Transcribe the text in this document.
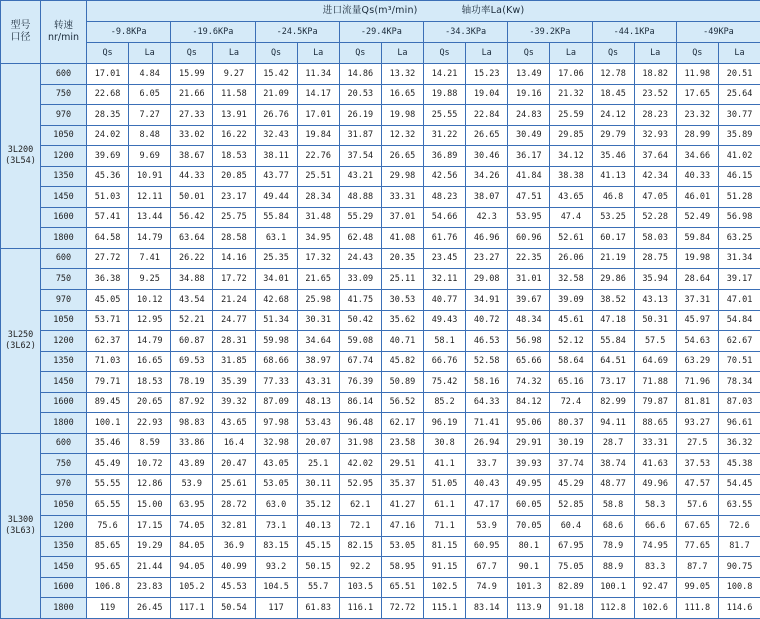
型号
口径	转速
nr/min	进口流量Qs(m³/min) 轴功率La(Kw)															
		-9.8KPa		-19.6KPa		-24.5KPa		-29.4KPa		-34.3KPa		-39.2KPa		-44.1KPa		-49KPa	
		Qs	La	Qs	La	Qs	La	Qs	La	Qs	La	Qs	La	Qs	La	Qs	La
3L200
(3L54)	600	17.01	4.84	15.99	9.27	15.42	11.34	14.86	13.32	14.21	15.23	13.49	17.06	12.78	18.82	11.98	20.51
	750	22.68	6.05	21.66	11.58	21.09	14.17	20.53	16.65	19.88	19.04	19.16	21.32	18.45	23.52	17.65	25.64
	970	28.35	7.27	27.33	13.91	26.76	17.01	26.19	19.98	25.55	22.84	24.83	25.59	24.12	28.23	23.32	30.77
	1050	24.02	8.48	33.02	16.22	32.43	19.84	31.87	12.32	31.22	26.65	30.49	29.85	29.79	32.93	28.99	35.89
	1200	39.69	9.69	38.67	18.53	38.11	22.76	37.54	26.65	36.89	30.46	36.17	34.12	35.46	37.64	34.66	41.02
	1350	45.36	10.91	44.33	20.85	43.77	25.51	43.21	29.98	42.56	34.26	41.84	38.38	41.13	42.34	40.33	46.15
	1450	51.03	12.11	50.01	23.17	49.44	28.34	48.88	33.31	48.23	38.07	47.51	43.65	46.8	47.05	46.01	51.28
	1600	57.41	13.44	56.42	25.75	55.84	31.48	55.29	37.01	54.66	42.3	53.95	47.4	53.25	52.28	52.49	56.98
	1800	64.58	14.79	63.64	28.58	63.1	34.95	62.48	41.08	61.76	46.96	60.96	52.61	60.17	58.03	59.84	63.25
3L250
(3L62)	600	27.72	7.41	26.22	14.16	25.35	17.32	24.43	20.35	23.45	23.27	22.35	26.06	21.19	28.75	19.98	31.34
	750	36.38	9.25	34.88	17.72	34.01	21.65	33.09	25.11	32.11	29.08	31.01	32.58	29.86	35.94	28.64	39.17
	970	45.05	10.12	43.54	21.24	42.68	25.98	41.75	30.53	40.77	34.91	39.67	39.09	38.52	43.13	37.31	47.01
	1050	53.71	12.95	52.21	24.77	51.34	30.31	50.42	35.62	49.43	40.72	48.34	45.61	47.18	50.31	45.97	54.84
	1200	62.37	14.79	60.87	28.31	59.98	34.64	59.08	40.71	58.1	46.53	56.98	52.12	55.84	57.5	54.63	62.67
	1350	71.03	16.65	69.53	31.85	68.66	38.97	67.74	45.82	66.76	52.58	65.66	58.64	64.51	64.69	63.29	70.51
	1450	79.71	18.53	78.19	35.39	77.33	43.31	76.39	50.89	75.42	58.16	74.32	65.16	73.17	71.88	71.96	78.34
	1600	89.45	20.65	87.92	39.32	87.09	48.13	86.14	56.52	85.2	64.33	84.12	72.4	82.99	79.87	81.81	87.03
	1800	100.1	22.93	98.83	43.65	97.98	53.43	96.48	62.17	96.19	71.41	95.06	80.37	94.11	88.65	93.27	96.61
3L300
(3L63)	600	35.46	8.59	33.86	16.4	32.98	20.07	31.98	23.58	30.8	26.94	29.91	30.19	28.7	33.31	27.5	36.32
	750	45.49	10.72	43.89	20.47	43.05	25.1	42.02	29.51	41.1	33.7	39.93	37.74	38.74	41.63	37.53	45.38
	970	55.55	12.86	53.9	25.61	53.05	30.11	52.95	35.37	51.05	40.43	49.95	45.29	48.77	49.96	47.57	54.45
	1050	65.55	15.00	63.95	28.72	63.0	35.12	62.1	41.27	61.1	47.17	60.05	52.85	58.8	58.3	57.6	63.55
	1200	75.6	17.15	74.05	32.81	73.1	40.13	72.1	47.16	71.1	53.9	70.05	60.4	68.6	66.6	67.65	72.6
	1350	85.65	19.29	84.05	36.9	83.15	45.15	82.15	53.05	81.15	60.95	80.1	67.95	78.9	74.95	77.65	81.7
	1450	95.65	21.44	94.05	40.99	93.2	50.15	92.2	58.95	91.15	67.7	90.1	75.05	88.9	83.3	87.7	90.75
	1600	106.8	23.83	105.2	45.53	104.5	55.7	103.5	65.51	102.5	74.9	101.3	82.89	100.1	92.47	99.05	100.8
	1800	119	26.45	117.1	50.54	117	61.83	116.1	72.72	115.1	83.14	113.9	91.18	112.8	102.6	111.8	114.6
